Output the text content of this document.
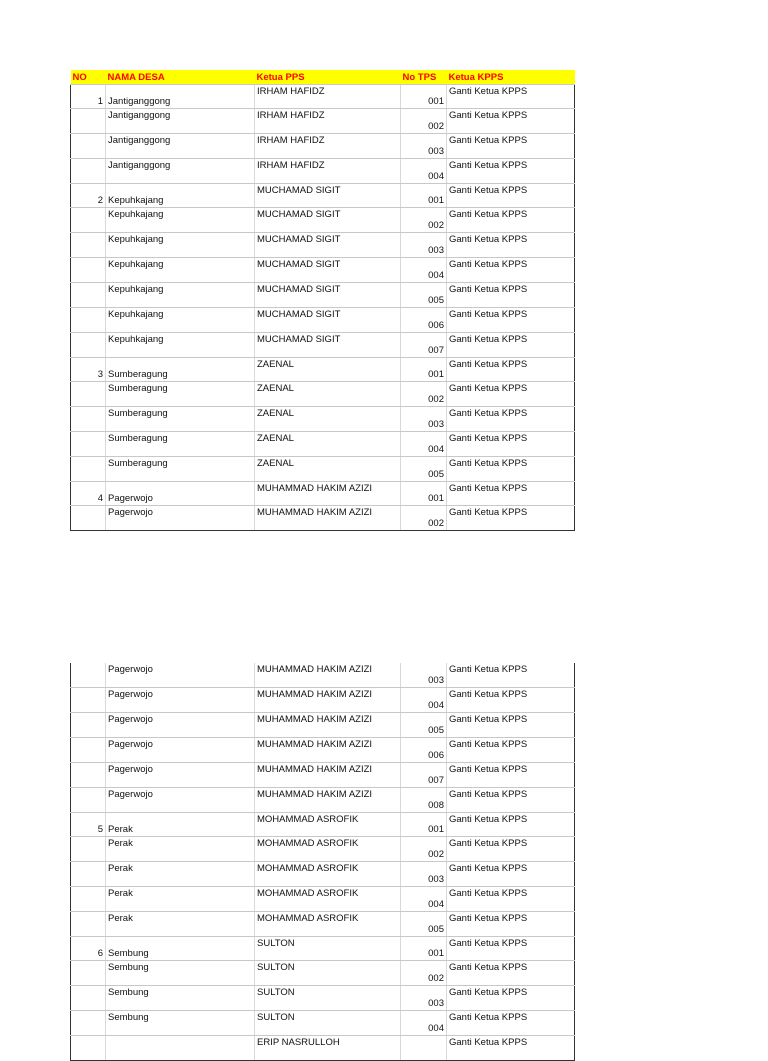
NO	NAMA DESA	Ketua PPS	No TPS	Ketua KPPS
1	Jantiganggong	IRHAM HAFIDZ	001	Ganti Ketua KPPS
	Jantiganggong	IRHAM HAFIDZ	002	Ganti Ketua KPPS
	Jantiganggong	IRHAM HAFIDZ	003	Ganti Ketua KPPS
	Jantiganggong	IRHAM HAFIDZ	004	Ganti Ketua KPPS
2	Kepuhkajang	MUCHAMAD SIGIT	001	Ganti Ketua KPPS
	Kepuhkajang	MUCHAMAD SIGIT	002	Ganti Ketua KPPS
	Kepuhkajang	MUCHAMAD SIGIT	003	Ganti Ketua KPPS
	Kepuhkajang	MUCHAMAD SIGIT	004	Ganti Ketua KPPS
	Kepuhkajang	MUCHAMAD SIGIT	005	Ganti Ketua KPPS
	Kepuhkajang	MUCHAMAD SIGIT	006	Ganti Ketua KPPS
	Kepuhkajang	MUCHAMAD SIGIT	007	Ganti Ketua KPPS
3	Sumberagung	ZAENAL	001	Ganti Ketua KPPS
	Sumberagung	ZAENAL	002	Ganti Ketua KPPS
	Sumberagung	ZAENAL	003	Ganti Ketua KPPS
	Sumberagung	ZAENAL	004	Ganti Ketua KPPS
	Sumberagung	ZAENAL	005	Ganti Ketua KPPS
4	Pagerwojo	MUHAMMAD HAKIM AZIZI	001	Ganti Ketua KPPS
	Pagerwojo	MUHAMMAD HAKIM AZIZI	002	Ganti Ketua KPPS
	Pagerwojo	MUHAMMAD HAKIM AZIZI	003	Ganti Ketua KPPS
	Pagerwojo	MUHAMMAD HAKIM AZIZI	004	Ganti Ketua KPPS
	Pagerwojo	MUHAMMAD HAKIM AZIZI	005	Ganti Ketua KPPS
	Pagerwojo	MUHAMMAD HAKIM AZIZI	006	Ganti Ketua KPPS
	Pagerwojo	MUHAMMAD HAKIM AZIZI	007	Ganti Ketua KPPS
	Pagerwojo	MUHAMMAD HAKIM AZIZI	008	Ganti Ketua KPPS
5	Perak	MOHAMMAD ASROFIK	001	Ganti Ketua KPPS
	Perak	MOHAMMAD ASROFIK	002	Ganti Ketua KPPS
	Perak	MOHAMMAD ASROFIK	003	Ganti Ketua KPPS
	Perak	MOHAMMAD ASROFIK	004	Ganti Ketua KPPS
	Perak	MOHAMMAD ASROFIK	005	Ganti Ketua KPPS
6	Sembung	SULTON	001	Ganti Ketua KPPS
	Sembung	SULTON	002	Ganti Ketua KPPS
	Sembung	SULTON	003	Ganti Ketua KPPS
	Sembung	SULTON	004	Ganti Ketua KPPS
		ERIP NASRULLOH		Ganti Ketua KPPS
